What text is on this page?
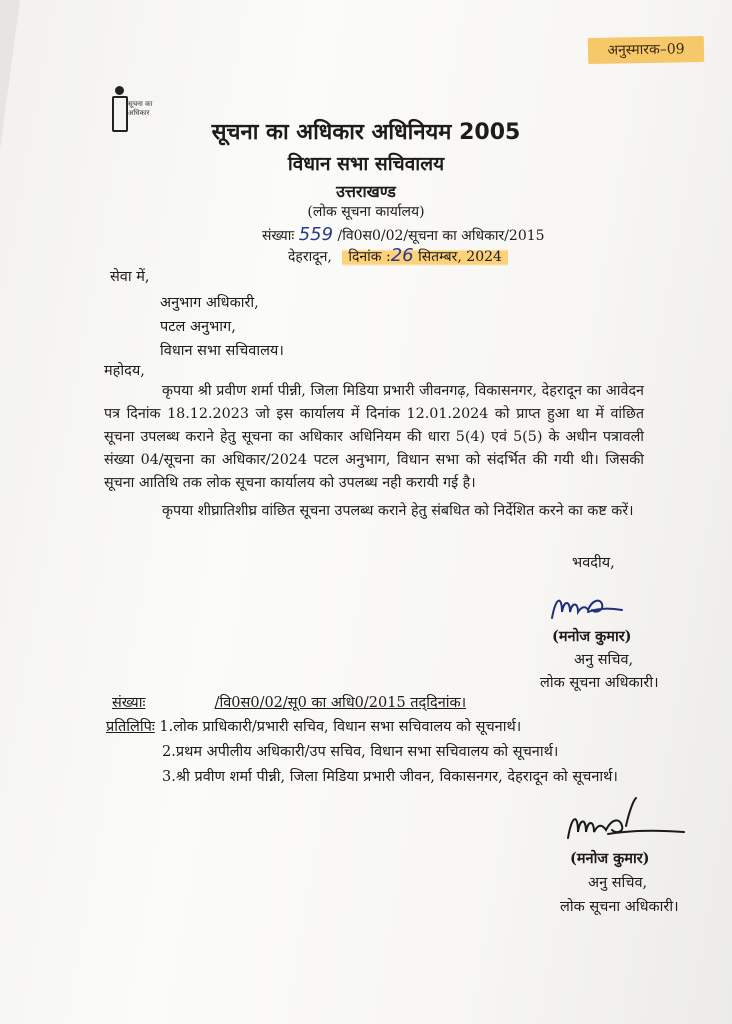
अनुस्मारक–09
सूचना का
अधिकार
सूचना का अधिकार अधिनियम 2005
विधान सभा सचिवालय
उत्तराखण्ड
(लोक सूचना कार्यालय)
संख्याः 559 /वि0स0/02/सूचना का अधिकार/2015
देहरादून, दिनांक :26 सितम्बर, 2024
सेवा में,
अनुभाग अधिकारी,
पटल अनुभाग,
विधान सभा सचिवालय।
महोदय,

कृपया श्री प्रवीण शर्मा पीन्नी, जिला मिडिया प्रभारी जीवनगढ़, विकासनगर, देहरादून का आवेदन पत्र दिनांक 18.12.2023 जो इस कार्यालय में दिनांक 12.01.2024 को प्राप्त हुआ था में वांछित सूचना उपलब्ध कराने हेतु सूचना का अधिकार अधिनियम की धारा 5(4) एवं 5(5) के अधीन पत्रावली संख्या 04/सूचना का अधिकार/2024 पटल अनुभाग, विधान सभा को संदर्भित की गयी थी। जिसकी सूचना आतिथि तक लोक सूचना कार्यालय को उपलब्ध नही करायी गई है।

कृपया शीघ्रातिशीघ्र वांछित सूचना उपलब्ध कराने हेतु संबधित को निर्देशित करने का कष्ट करें।

भवदीय,
(मनोज कुमार)
अनु सचिव,
लोक सूचना अधिकारी।
संख्याः	/वि0स0/02/सू0 का अधि0/2015 तद्‌दिनांक।
प्रतिलिपिः 1.लोक प्राधिकारी/प्रभारी सचिव, विधान सभा सचिवालय को सूचनार्थ।
2.प्रथम अपीलीय अधिकारी/उप सचिव, विधान सभा सचिवालय को सूचनार्थ।
3.श्री प्रवीण शर्मा पीन्नी, जिला मिडिया प्रभारी जीवन, विकासनगर, देहरादून को सूचनार्थ।
(मनोज कुमार)
अनु सचिव,
लोक सूचना अधिकारी।
